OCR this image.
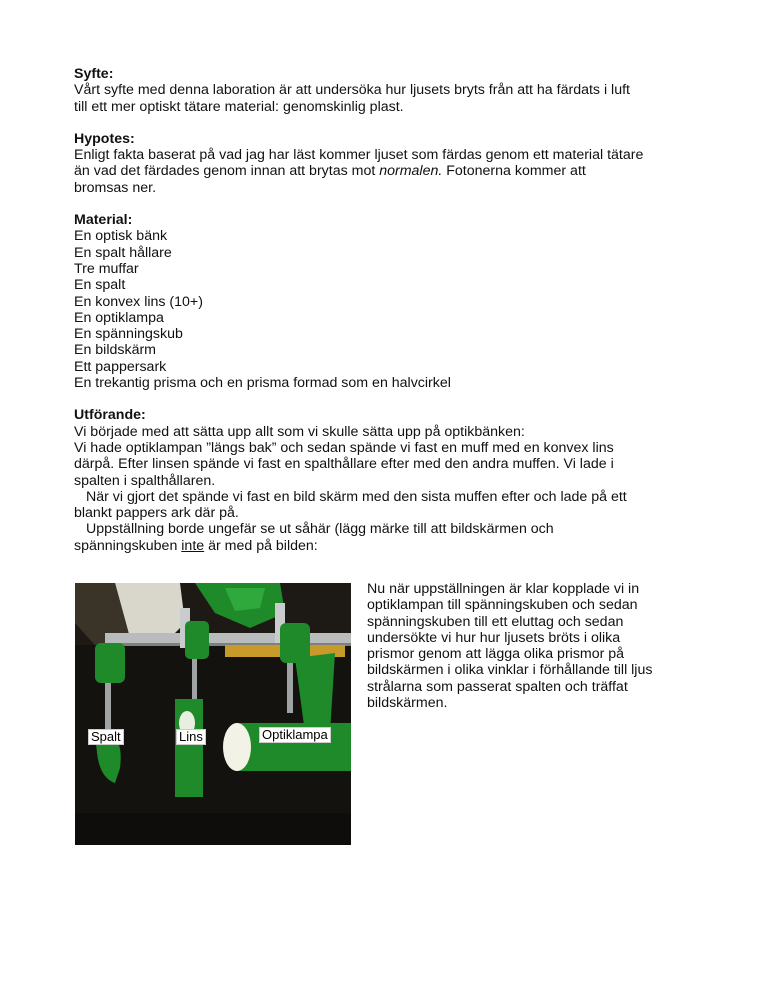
Syfte:
Vårt syfte med denna laboration är att undersöka hur ljusets bryts från att ha färdats i luft
till ett mer optiskt tätare material: genomskinlig plast.
Hypotes:
Enligt fakta baserat på vad jag har läst kommer ljuset som färdas genom ett material tätare
än vad det färdades genom innan att brytas mot normalen. Fotonerna kommer att
bromsas ner.
Material:
En optisk bänk
En spalt hållare
Tre muffar
En spalt
En konvex lins (10+)
En optiklampa
En spänningskub
En bildskärm
Ett pappersark
En trekantig prisma och en prisma formad som en halvcirkel
Utförande:
Vi började med att sätta upp allt som vi skulle sätta upp på optikbänken:
Vi hade optiklampan ”längs bak” och sedan spände vi fast en muff med en konvex lins
därpå. Efter linsen spände vi fast en spalthållare efter med den andra muffen. Vi lade i
spalten i spalthållaren.
När vi gjort det spände vi fast en bild skärm med den sista muffen efter och lade på ett
blankt pappers ark där på.
Uppställning borde ungefär se ut såhär (lägg märke till att bildskärmen och
spänningskuben inte är med på bilden:
Spalt	Lins	Optiklampa
Nu när uppställningen är klar kopplade vi in
optiklampan till spänningskuben och sedan
spänningskuben till ett eluttag och sedan
undersökte vi hur hur ljusets bröts i olika
prismor genom att lägga olika prismor på
bildskärmen i olika vinklar i förhållande till ljus
strålarna som passerat spalten och träffat
bildskärmen.
